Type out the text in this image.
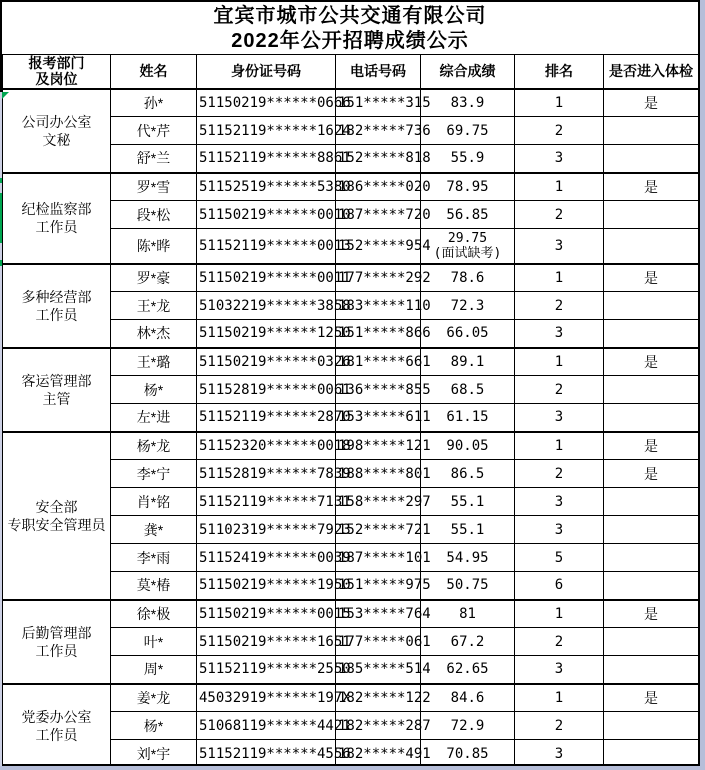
宜宾市城市公共交通有限公司
2022年公开招聘成绩公示
报考部门
及岗位	姓名	身份证号码	电话号码	综合成绩	排名	是否进入体检
公司办公室
文秘	孙*	51150219******0666	151*****315	83.9	1	是
	代*芹	51152119******1624	182*****736	69.75	2	
	舒*兰	51152119******8861	152*****818	55.9	3	
纪检监察部
工作员	罗*雪	51152519******5380	186*****020	78.95	1	是
	段*松	51150219******0010	187*****720	56.85	2	
	陈*晔	51152119******0013	152*****954	29.75
(面试缺考)	3	
多种经营部
工作员	罗*豪	51150219******0011	177*****292	78.6	1	是
	王*龙	51032219******3858	183*****110	72.3	2	
	林*杰	51150219******1250	151*****866	66.05	3	
客运管理部
主管	王*璐	51150219******0326	181*****661	89.1	1	是
	杨*	51152819******0061	136*****855	68.5	2	
	左*进	51152119******2870	153*****611	61.15	3	
安全部
专职安全管理员	杨*龙	51152320******0018	198*****121	90.05	1	是
	李*宁	51152819******7839	188*****801	86.5	2	是
	肖*铭	51152119******7131	158*****297	55.1	3	
	龚*	51102319******7923	152*****721	55.1	3	
	李*雨	51152419******0039	187*****101	54.95	5	
	莫*椿	51150219******1950	151*****975	50.75	6	
后勤管理部
工作员	徐*极	51150219******0015	153*****764	81	1	是
	叶*	51150219******1651	177*****061	67.2	2	
	周*	51152119******2550	185*****514	62.65	3	
党委办公室
工作员	姜*龙	45032919******197X	182*****122	84.6	1	是
	杨*	51068119******4421	182*****287	72.9	2	
	刘*宇	51152119******4556	182*****491	70.85	3	
